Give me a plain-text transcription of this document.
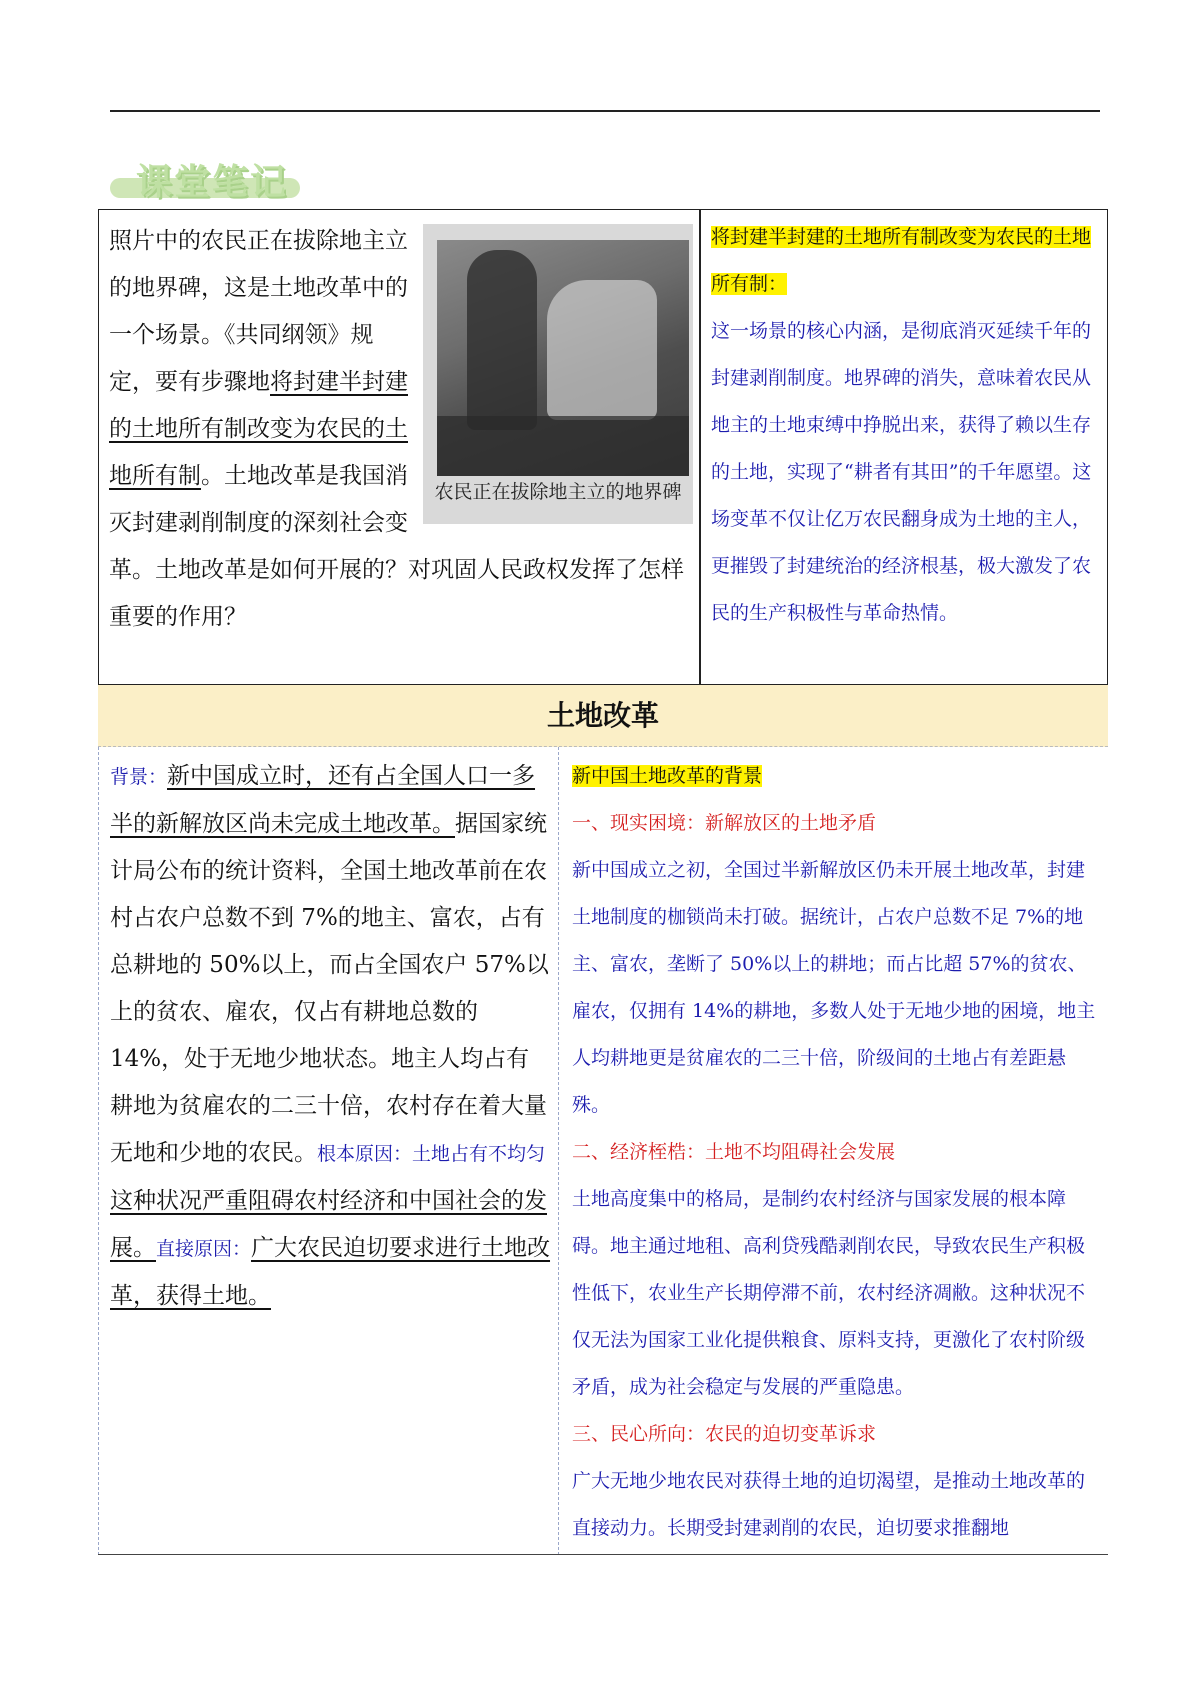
课堂笔记
农民正在拔除地主立的地界碑

照片中的农民正在拔除地主立的地界碑，这是土地改革中的一个场景。《共同纲领》规定，要有步骤地将封建半封建的土地所有制改变为农民的土地所有制。土地改革是我国消灭封建剥削制度的深刻社会变革。土地改革是如何开展的？对巩固人民政权发挥了怎样重要的作用？

将封建半封建的土地所有制改变为农民的土地所有制：

这一场景的核心内涵，是彻底消灭延续千年的封建剥削制度。地界碑的消失，意味着农民从地主的土地束缚中挣脱出来，获得了赖以生存的土地，实现了“耕者有其田”的千年愿望。这场变革不仅让亿万农民翻身成为土地的主人，更摧毁了封建统治的经济根基，极大激发了农民的生产积极性与革命热情。

土地改革

背景：新中国成立时，还有占全国人口一多半的新解放区尚未完成土地改革。据国家统计局公布的统计资料，全国土地改革前在农村占农户总数不到 7%的地主、富农，占有总耕地的 50%以上，而占全国农户 57%以上的贫农、雇农，仅占有耕地总数的 14%，处于无地少地状态。地主人均占有耕地为贫雇农的二三十倍，农村存在着大量无地和少地的农民。根本原因：土地占有不均匀这种状况严重阻碍农村经济和中国社会的发展。直接原因：广大农民迫切要求进行土地改革，获得土地。

新中国土地改革的背景

一、现实困境：新解放区的土地矛盾

新中国成立之初，全国过半新解放区仍未开展土地改革，封建土地制度的枷锁尚未打破。据统计，占农户总数不足 7%的地主、富农，垄断了 50%以上的耕地；而占比超 57%的贫农、雇农，仅拥有 14%的耕地，多数人处于无地少地的困境，地主人均耕地更是贫雇农的二三十倍，阶级间的土地占有差距悬殊。

二、经济桎梏：土地不均阻碍社会发展

土地高度集中的格局，是制约农村经济与国家发展的根本障碍。地主通过地租、高利贷残酷剥削农民，导致农民生产积极性低下，农业生产长期停滞不前，农村经济凋敝。这种状况不仅无法为国家工业化提供粮食、原料支持，更激化了农村阶级矛盾，成为社会稳定与发展的严重隐患。

三、民心所向：农民的迫切变革诉求

广大无地少地农民对获得土地的迫切渴望，是推动土地改革的直接动力。长期受封建剥削的农民，迫切要求推翻地
